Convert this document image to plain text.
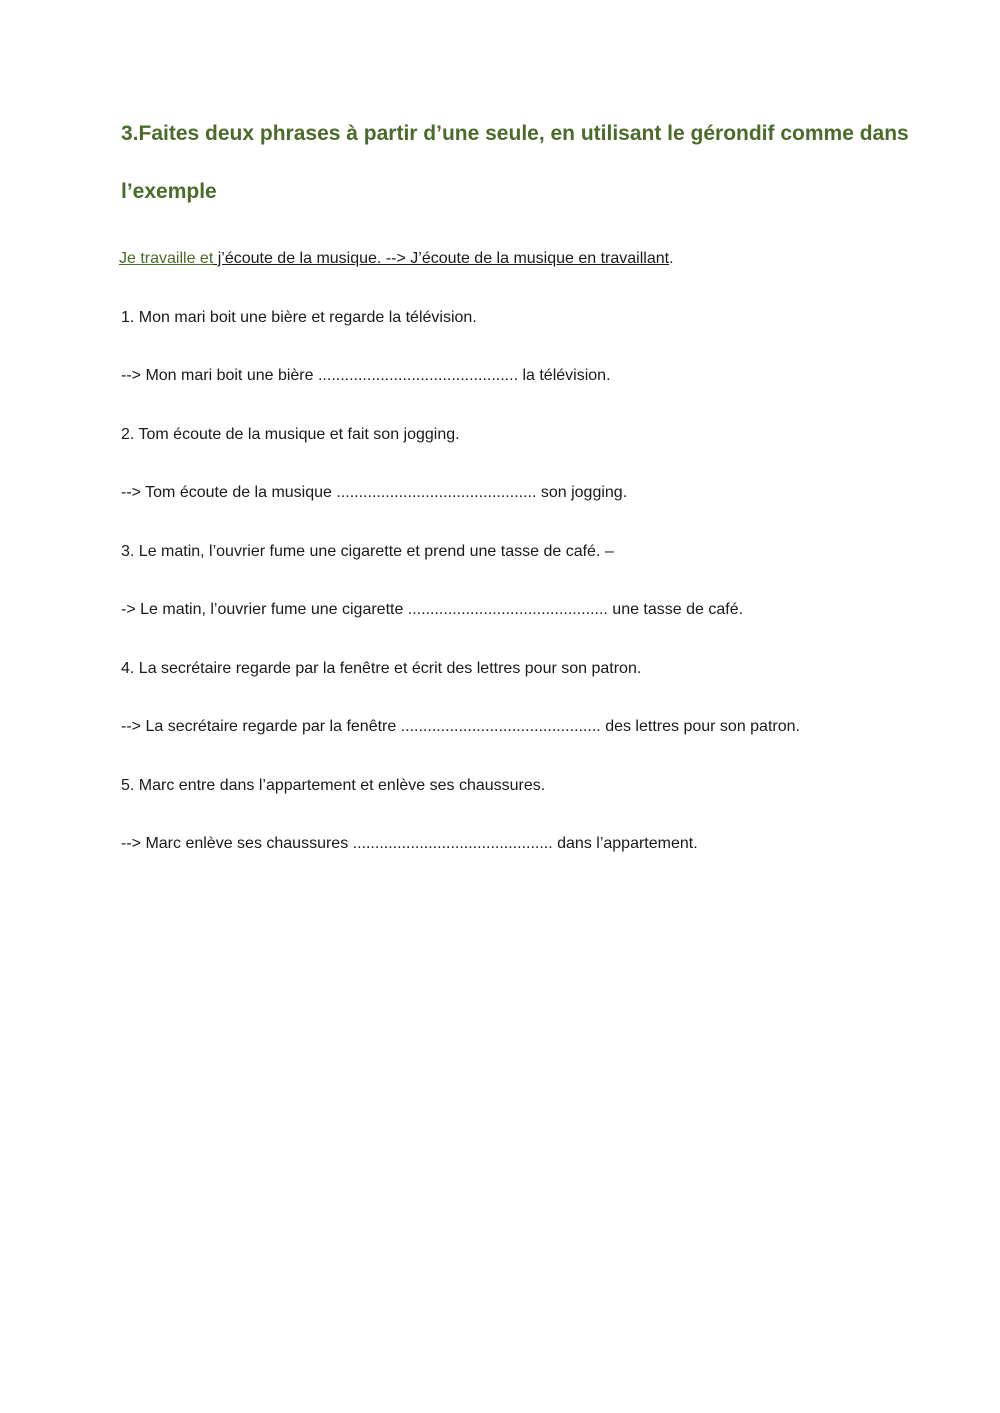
3.Faites deux phrases à partir d’une seule, en utilisant le gérondif comme dans
l’exemple
Je travaille et j’écoute de la musique. --> J’écoute de la musique en travaillant.
1. Mon mari boit une bière et regarde la télévision.
--> Mon mari boit une bière ............................................. la télévision.
2. Tom écoute de la musique et fait son jogging.
--> Tom écoute de la musique ............................................. son jogging.
3. Le matin, l’ouvrier fume une cigarette et prend une tasse de café. –
-> Le matin, l’ouvrier fume une cigarette ............................................. une tasse de café.
4. La secrétaire regarde par la fenêtre et écrit des lettres pour son patron.
--> La secrétaire regarde par la fenêtre ............................................. des lettres pour son patron.
5. Marc entre dans l’appartement et enlève ses chaussures.
--> Marc enlève ses chaussures ............................................. dans l’appartement.
